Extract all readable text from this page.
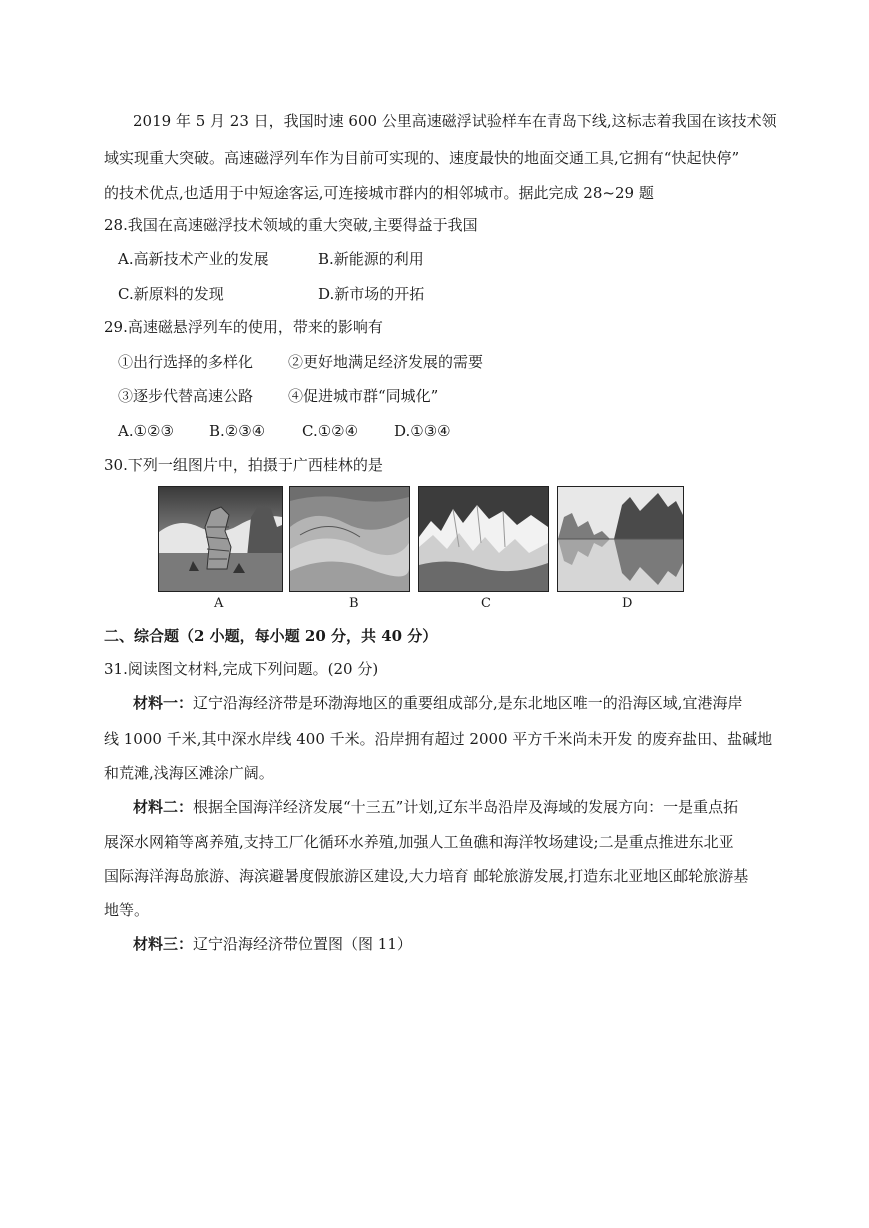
2019 年 5 月 23 日，我国时速 600 公里高速磁浮试验样车在青岛下线,这标志着我国在该技术领
域实现重大突破。高速磁浮列车作为目前可实现的、速度最快的地面交通工具,它拥有“快起快停”
的技术优点,也适用于中短途客运,可连接城市群内的相邻城市。据此完成 28~29 题
28.我国在高速磁浮技术领域的重大突破,主要得益于我国
A.高新技术产业的发展	B.新能源的利用
C.新原料的发现	D.新市场的开拓
29.高速磁悬浮列车的使用，带来的影响有
①出行选择的多样化 ②更好地满足经济发展的需要
③逐步代替高速公路 ④促进城市群“同城化”
A.①②③ B.②③④ C.①②④ D.①③④
30.下列一组图片中，拍摄于广西桂林的是
A	B	C	D
二、综合题（2 小题，每小题 20 分，共 40 分）
31.阅读图文材料,完成下列问题。(20 分)
材料一：辽宁沿海经济带是环渤海地区的重要组成部分,是东北地区唯一的沿海区域,宜港海岸
线 1000 千米,其中深水岸线 400 千米。沿岸拥有超过 2000 平方千米尚未开发 的废弃盐田、盐碱地
和荒滩,浅海区滩涂广阔。
材料二：根据全国海洋经济发展“十三五”计划,辽东半岛沿岸及海域的发展方向：一是重点拓
展深水网箱等离养殖,支持工厂化循环水养殖,加强人工鱼礁和海洋牧场建设;二是重点推进东北亚
国际海洋海岛旅游、海滨避暑度假旅游区建设,大力培育 邮轮旅游发展,打造东北亚地区邮轮旅游基
地等。
材料三：辽宁沿海经济带位置图（图 11）
